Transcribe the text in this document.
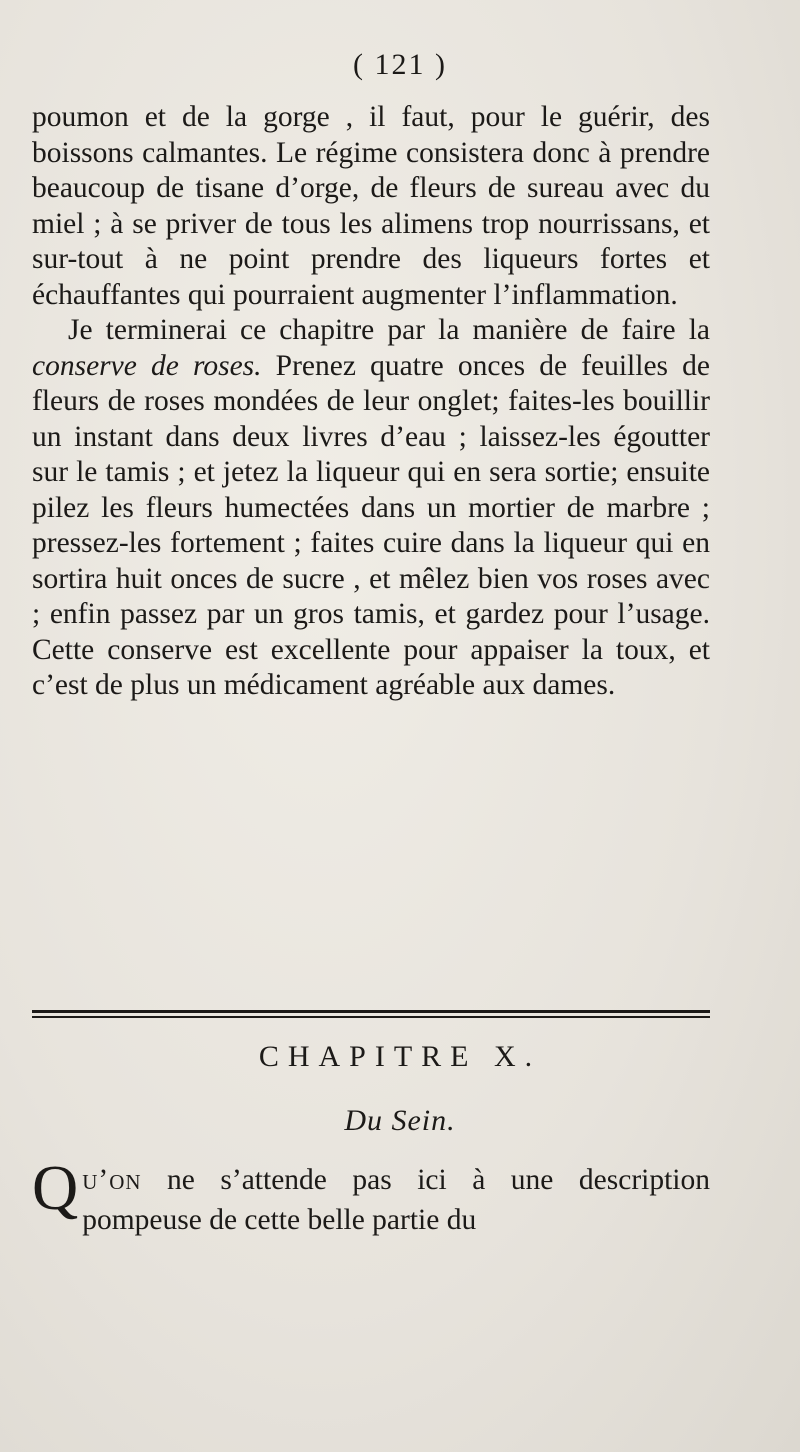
( 121 )

poumon et de la gorge , il faut, pour le guérir, des boissons calmantes. Le régime consistera donc à prendre beaucoup de tisane d’orge, de fleurs de sureau avec du miel ; à se priver de tous les alimens trop nourrissans, et sur-tout à ne point prendre des liqueurs fortes et échauffantes qui pourraient augmenter l’inflammation.

Je terminerai ce chapitre par la manière de faire la conserve de roses. Prenez quatre onces de feuilles de fleurs de roses mondées de leur onglet; faites-les bouillir un instant dans deux livres d’eau ; laissez-les égoutter sur le tamis ; et jetez la liqueur qui en sera sortie; ensuite pilez les fleurs humectées dans un mortier de marbre ; pressez-les fortement ; faites cuire dans la liqueur qui en sortira huit onces de sucre , et mêlez bien vos roses avec ; enfin passez par un gros tamis, et gardez pour l’usage. Cette conserve est excellente pour appaiser la toux, et c’est de plus un médicament agréable aux dames.

CHAPITRE X.
Du Sein.
Qu’on ne s’attende pas ici à une description pompeuse de cette belle partie du
